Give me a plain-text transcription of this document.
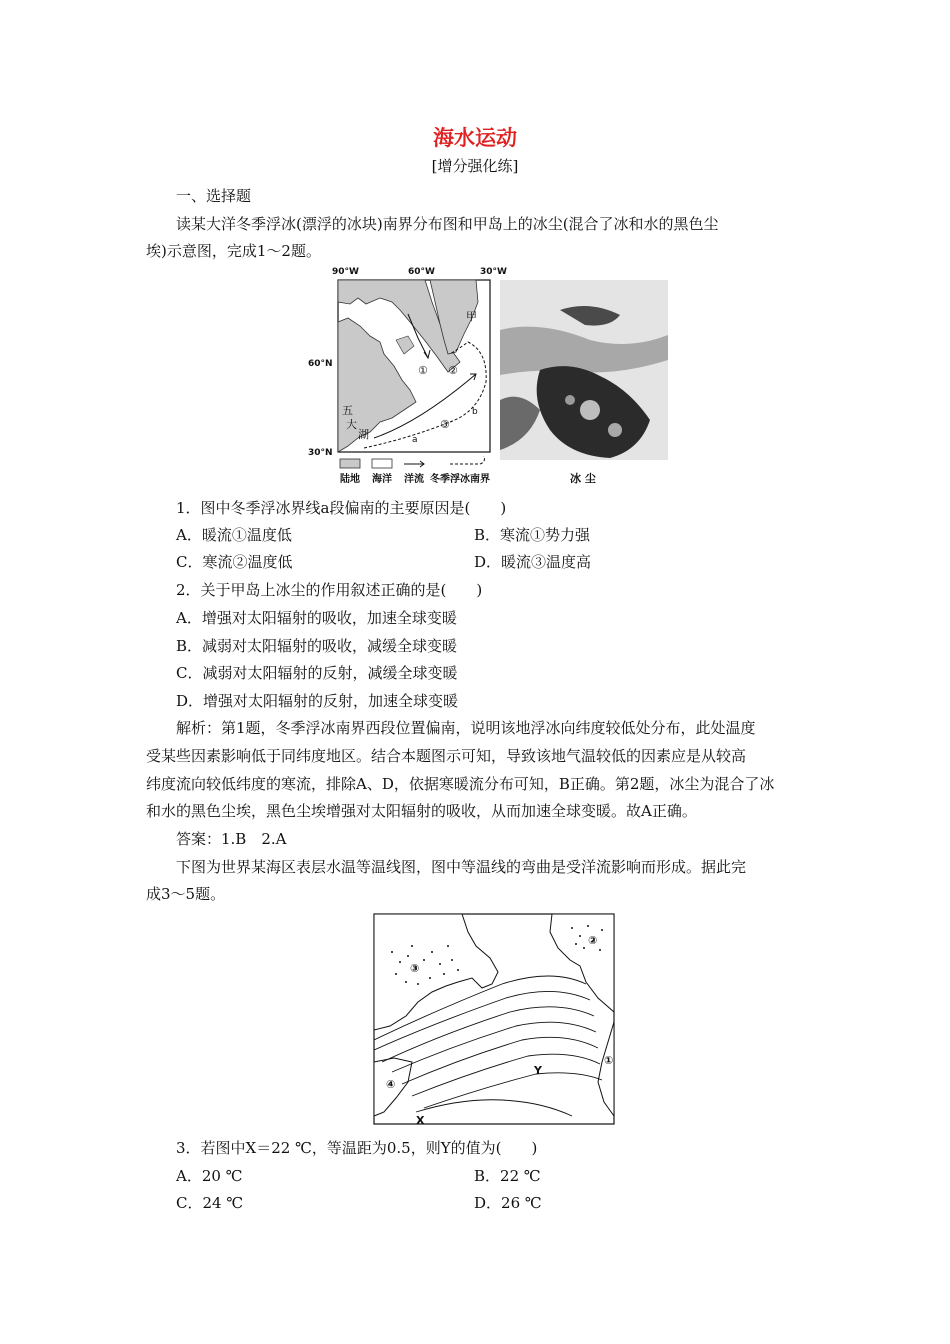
海水运动
[增分强化练]
一、选择题
读某大洋冬季浮冰(漂浮的冰块)南界分布图和甲岛上的冰尘(混合了冰和水的黑色尘
埃)示意图，完成1～2题。
90°W	60°W	30°W
60°N
30°N
甲
① ②
③
五
大
湖	a
b
陆地 海洋 洋流 冬季浮冰南界	冰 尘
1．图中冬季浮冰界线a段偏南的主要原因是(　　)
A．暖流①温度低	B．寒流①势力强
C．寒流②温度低	D．暖流③温度高
2．关于甲岛上冰尘的作用叙述正确的是(　　)
A．增强对太阳辐射的吸收，加速全球变暖
B．减弱对太阳辐射的吸收，减缓全球变暖
C．减弱对太阳辐射的反射，减缓全球变暖
D．增强对太阳辐射的反射，加速全球变暖
解析：第1题，冬季浮冰南界西段位置偏南，说明该地浮冰向纬度较低处分布，此处温度
受某些因素影响低于同纬度地区。结合本题图示可知，导致该地气温较低的因素应是从较高
纬度流向较低纬度的寒流，排除A、D，依据寒暖流分布可知，B正确。第2题，冰尘为混合了冰
和水的黑色尘埃，黑色尘埃增强对太阳辐射的吸收，从而加速全球变暖。故A正确。
答案：1.B　2.A
下图为世界某海区表层水温等温线图，图中等温线的弯曲是受洋流影响而形成。据此完
成3～5题。
③
②
①
④
Y
X
3．若图中X＝22 ℃，等温距为0.5，则Y的值为(　　)
A．20 ℃	B．22 ℃
C．24 ℃	D．26 ℃
